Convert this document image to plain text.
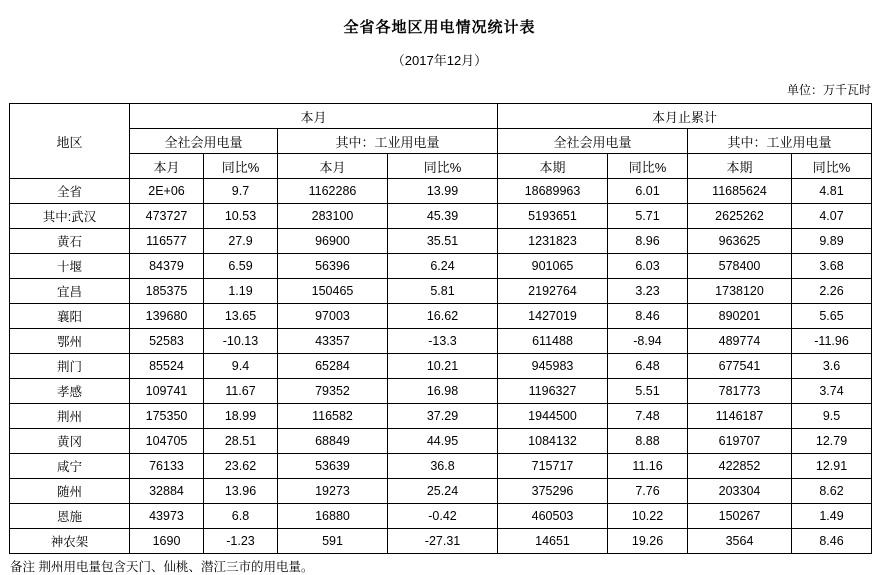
全省各地区用电情况统计表
（2017年12月）
单位：万千瓦时
地区	本月				本月止累计			
	全社会用电量		其中：工业用电量		全社会用电量		其中：工业用电量	
	本月	同比%	本月	同比%	本期	同比%	本期	同比%
全省	2E+06	9.7	1162286	13.99	18689963	6.01	11685624	4.81
其中:武汉	473727	10.53	283100	45.39	5193651	5.71	2625262	4.07
黄石	116577	27.9	96900	35.51	1231823	8.96	963625	9.89
十堰	84379	6.59	56396	6.24	901065	6.03	578400	3.68
宜昌	185375	1.19	150465	5.81	2192764	3.23	1738120	2.26
襄阳	139680	13.65	97003	16.62	1427019	8.46	890201	5.65
鄂州	52583	-10.13	43357	-13.3	611488	-8.94	489774	-11.96
荆门	85524	9.4	65284	10.21	945983	6.48	677541	3.6
孝感	109741	11.67	79352	16.98	1196327	5.51	781773	3.74
荆州	175350	18.99	116582	37.29	1944500	7.48	1146187	9.5
黄冈	104705	28.51	68849	44.95	1084132	8.88	619707	12.79
咸宁	76133	23.62	53639	36.8	715717	11.16	422852	12.91
随州	32884	13.96	19273	25.24	375296	7.76	203304	8.62
恩施	43973	6.8	16880	-0.42	460503	10.22	150267	1.49
神农架	1690	-1.23	591	-27.31	14651	19.26	3564	8.46
备注 荆州用电量包含天门、仙桃、潜江三市的用电量。
